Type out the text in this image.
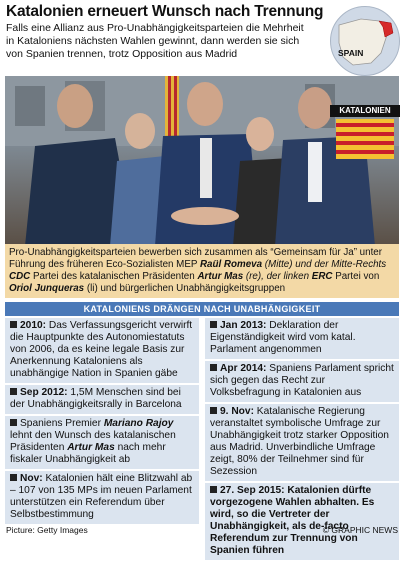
Katalonien erneuert Wunsch nach Trennung
Falls eine Allianz aus Pro-Unabhängigkeitsparteien die Mehrheit in Kataloniens nächsten Wahlen gewinnt, dann werden sie sich von Spanien trennen, trotz Opposition aus Madrid	SPAIN
KATALONIEN
Pro-Unabhängigkeitsparteien bewerben sich zusammen als “Gemeinsam für Ja” unter Führung des früheren Eco-Sozialisten MEP Raül Romeva (Mitte) und der Mitte-Rechts CDC Partei des katalanischen Präsidenten Artur Mas (re), der linken ERC Partei von Oriol Junqueras (li) und bürgerlichen Unabhängigkeitsgruppen
KATALONIENS DRÄNGEN NACH UNABHÄNGIGKEIT
2010: Das Verfassungsgericht verwirft die Hauptpunkte des Autonomiestatuts von 2006, da es keine legale Basis zur Anerkennung Kataloniens als unabhängige Nation in Spanien gäbe
Sep 2012: 1,5M Menschen sind bei der Unabhängigkeitsrally in Barcelona
Spaniens Premier Mariano Rajoy lehnt den Wunsch des katalanischen Präsidenten Artur Mas nach mehr fiskaler Unabhängigkeit ab
Nov: Katalonien hält eine Blitzwahl ab – 107 von 135 MPs im neuen Parlament unterstützen ein Referendum über Selbstbestimmung
Jan 2013: Deklaration der Eigenständigkeit wird vom katal. Parlament angenommen
Apr 2014: Spaniens Parlament spricht sich gegen das Recht zur Volksbefragung in Katalonien aus
9. Nov: Katalanische Regierung veranstaltet symbolische Umfrage zur Unabhängigkeit trotz starker Opposition aus Madrid. Unverbindliche Umfrage zeigt, 80% der Teilnehmer sind für Sezession
27. Sep 2015: Katalonien dürfte vorgezogene Wahlen abhalten. Es wird, so die Vertreter der Unabhängigkeit, als de-facto Referendum zur Trennung von Spanien führen
Picture: Getty Images	© GRAPHIC NEWS
